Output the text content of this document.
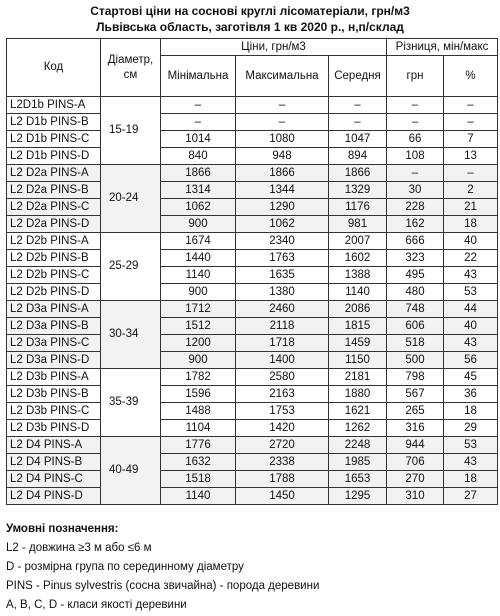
Стартові ціни на соснові круглі лісоматеріали, грн/м3
Львівська область, заготівля 1 кв 2020 р., н,п/склад
Код	Діаметр, см	Ціни, грн/м3			Різниця, мін/макс	
		Мінімальна	Максимальна	Середня	грн	%
L2D1b PINS-A	15-19	–	–	–	–	–
L2 D1b PINS-B		–	–	–	–	–
L2 D1b PINS-C		1014	1080	1047	66	7
L2 D1b PINS-D		840	948	894	108	13
L2 D2a PINS-A	20-24	1866	1866	1866	–	–
L2 D2a PINS-B		1314	1344	1329	30	2
L2 D2a PINS-C		1062	1290	1176	228	21
L2 D2a PINS-D		900	1062	981	162	18
L2 D2b PINS-A	25-29	1674	2340	2007	666	40
L2 D2b PINS-B		1440	1763	1602	323	22
L2 D2b PINS-C		1140	1635	1388	495	43
L2 D2b PINS-D		900	1380	1140	480	53
L2 D3a PINS-A	30-34	1712	2460	2086	748	44
L2 D3a PINS-B		1512	2118	1815	606	40
L2 D3a PINS-C		1200	1718	1459	518	43
L2 D3a PINS-D		900	1400	1150	500	56
L2 D3b PINS-A	35-39	1782	2580	2181	798	45
L2 D3b PINS-B		1596	2163	1880	567	36
L2 D3b PINS-C		1488	1753	1621	265	18
L2 D3b PINS-D		1104	1420	1262	316	29
L2 D4 PINS-A	40-49	1776	2720	2248	944	53
L2 D4 PINS-B		1632	2338	1985	706	43
L2 D4 PINS-C		1518	1788	1653	270	18
L2 D4 PINS-D		1140	1450	1295	310	27
Умовні позначення:
L2 - довжина ≥3 м або ≤6 м
D - розмірна група по серединному діаметру
PINS - Pinus sylvestris (сосна звичайна) - порода деревини
A, B, C, D - класи якості деревини
